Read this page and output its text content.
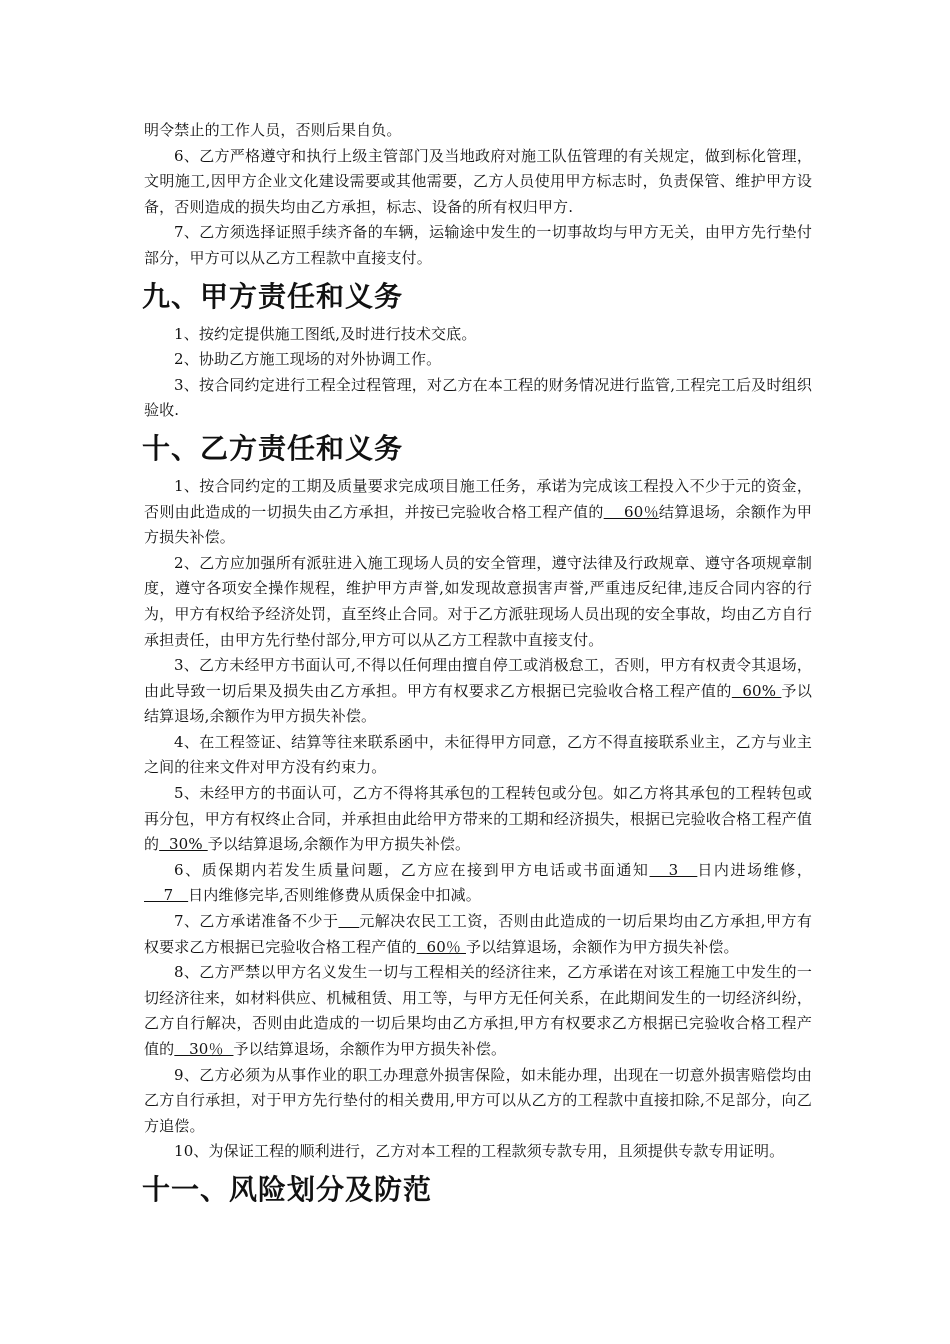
明令禁止的工作人员，否则后果自负。

6、乙方严格遵守和执行上级主管部门及当地政府对施工队伍管理的有关规定，做到标化管理，文明施工,因甲方企业文化建设需要或其他需要，乙方人员使用甲方标志时，负责保管、维护甲方设备，否则造成的损失均由乙方承担，标志、设备的所有权归甲方.

7、乙方须选择证照手续齐备的车辆，运输途中发生的一切事故均与甲方无关，由甲方先行垫付部分，甲方可以从乙方工程款中直接支付。

九、甲方责任和义务

1、按约定提供施工图纸,及时进行技术交底。

2、协助乙方施工现场的对外协调工作。

3、按合同约定进行工程全过程管理，对乙方在本工程的财务情况进行监管,工程完工后及时组织验收.

十、乙方责任和义务

1、按合同约定的工期及质量要求完成项目施工任务，承诺为完成该工程投入不少于元的资金，否则由此造成的一切损失由乙方承担，并按已完验收合格工程产值的    60％结算退场，余额作为甲方损失补偿。

2、乙方应加强所有派驻进入施工现场人员的安全管理，遵守法律及行政规章、遵守各项规章制度，遵守各项安全操作规程，维护甲方声誉,如发现故意损害声誉,严重违反纪律,违反合同内容的行为，甲方有权给予经济处罚，直至终止合同。对于乙方派驻现场人员出现的安全事故，均由乙方自行承担责任，由甲方先行垫付部分,甲方可以从乙方工程款中直接支付。

3、乙方未经甲方书面认可,不得以任何理由擅自停工或消极怠工，否则，甲方有权责令其退场，由此导致一切后果及损失由乙方承担。甲方有权要求乙方根据已完验收合格工程产值的  60% 予以结算退场,余额作为甲方损失补偿。

4、在工程签证、结算等往来联系函中，未征得甲方同意，乙方不得直接联系业主，乙方与业主之间的往来文件对甲方没有约束力。

5、未经甲方的书面认可，乙方不得将其承包的工程转包或分包。如乙方将其承包的工程转包或再分包，甲方有权终止合同，并承担由此给甲方带来的工期和经济损失，根据已完验收合格工程产值的  30% 予以结算退场,余额作为甲方损失补偿。

6、质保期内若发生质量问题，乙方应在接到甲方电话或书面通知   3   日内进场维修，    7   日内维修完毕,否则维修费从质保金中扣减。

7、乙方承诺准备不少于 元解决农民工工资，否则由此造成的一切后果均由乙方承担,甲方有权要求乙方根据已完验收合格工程产值的  60％ 予以结算退场，余额作为甲方损失补偿。

8、乙方严禁以甲方名义发生一切与工程相关的经济往来，乙方承诺在对该工程施工中发生的一切经济往来，如材料供应、机械租赁、用工等，与甲方无任何关系，在此期间发生的一切经济纠纷，乙方自行解决，否则由此造成的一切后果均由乙方承担,甲方有权要求乙方根据已完验收合格工程产值的   30％  予以结算退场，余额作为甲方损失补偿。

9、乙方必须为从事作业的职工办理意外损害保险，如未能办理，出现在一切意外损害赔偿均由乙方自行承担，对于甲方先行垫付的相关费用,甲方可以从乙方的工程款中直接扣除,不足部分，向乙方追偿。

10、为保证工程的顺利进行，乙方对本工程的工程款须专款专用，且须提供专款专用证明。

十一、风险划分及防范
